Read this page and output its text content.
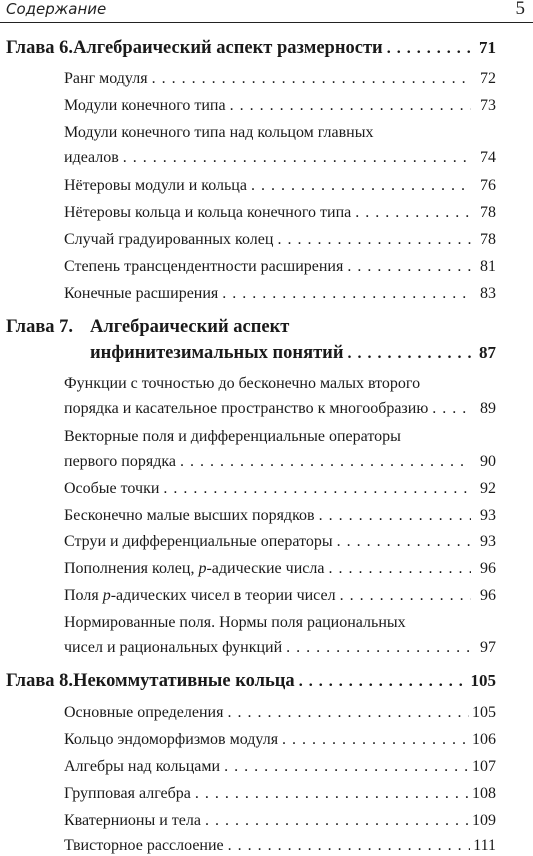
Содержание	5
Глава 6. Алгебраический аспект размерности . . .	71
Ранг модуля . . .	72
Модули конечного типа . . .	73
Модули конечного типа над кольцом главных
идеалов . . .	74
Нётеровы модули и кольца . . .	76
Нётеровы кольца и кольца конечного типа . . .	78
Случай градуированных колец . . .	78
Степень трансцендентности расширения . . .	81
Конечные расширения . . .	83
Глава 7. Алгебраический аспект
инфинитезимальных понятий . . .	87
Функции с точностью до бесконечно малых второго
порядка и касательное пространство к многообразию . . .	89
Векторные поля и дифференциальные операторы
первого порядка . . .	90
Особые точки . . .	92
Бесконечно малые высших порядков . . .	93
Струи и дифференциальные операторы . . .	93
Пополнения колец, p-адические числа . . .	96
Поля p-адических чисел в теории чисел . . .	96
Нормированные поля. Нормы поля рациональных
чисел и рациональных функций . . .	97
Глава 8. Некоммутативные кольца . . .	105
Основные определения . . .	105
Кольцо эндоморфизмов модуля . . .	106
Алгебры над кольцами . . .	107
Групповая алгебра . . .	108
Кватернионы и тела . . .	109
Твисторное расслоение . . .	111
